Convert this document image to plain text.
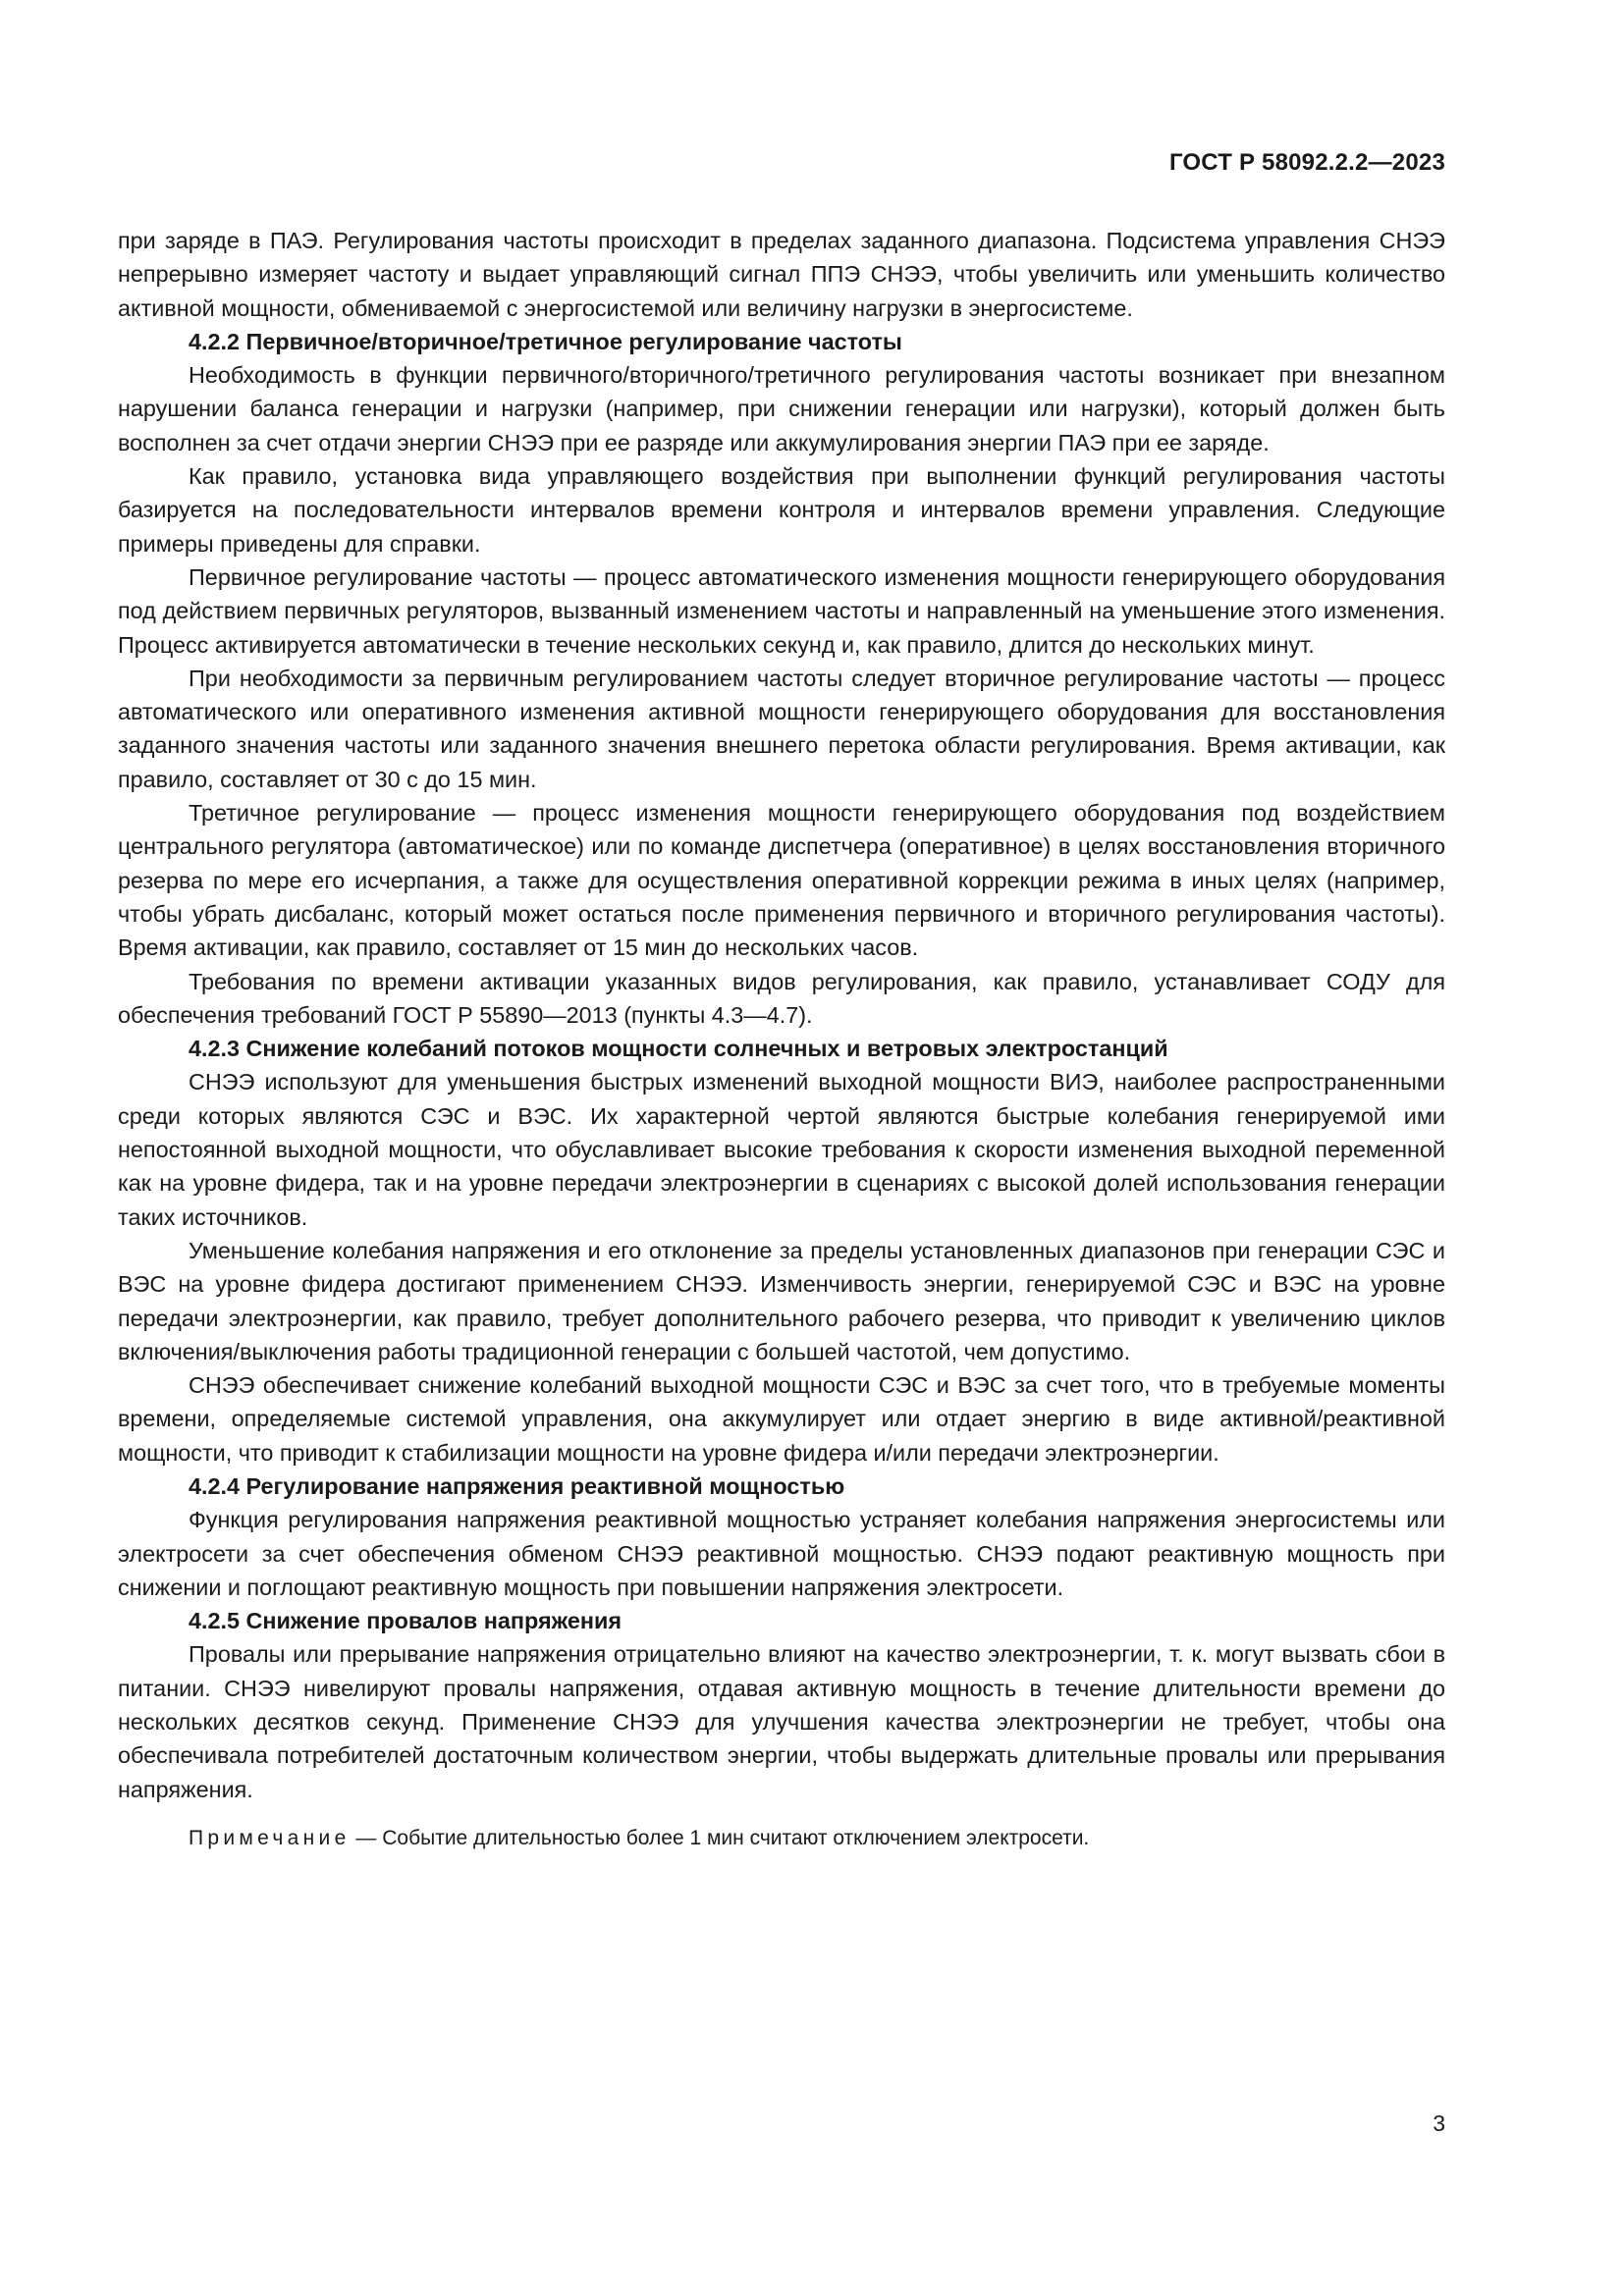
ГОСТ Р 58092.2.2—2023

при заряде в ПАЭ. Регулирования частоты происходит в пределах заданного диапазона. Подсистема управления СНЭЭ непрерывно измеряет частоту и выдает управляющий сигнал ППЭ СНЭЭ, чтобы увеличить или уменьшить количество активной мощности, обмениваемой с энергосистемой или величину нагрузки в энергосистеме.

4.2.2 Первичное/вторичное/третичное регулирование частоты

Необходимость в функции первичного/вторичного/третичного регулирования частоты возникает при внезапном нарушении баланса генерации и нагрузки (например, при снижении генерации или нагрузки), который должен быть восполнен за счет отдачи энергии СНЭЭ при ее разряде или аккумулирования энергии ПАЭ при ее заряде.

Как правило, установка вида управляющего воздействия при выполнении функций регулирования частоты базируется на последовательности интервалов времени контроля и интервалов времени управления. Следующие примеры приведены для справки.

Первичное регулирование частоты — процесс автоматического изменения мощности генерирующего оборудования под действием первичных регуляторов, вызванный изменением частоты и направленный на уменьшение этого изменения. Процесс активируется автоматически в течение нескольких секунд и, как правило, длится до нескольких минут.

При необходимости за первичным регулированием частоты следует вторичное регулирование частоты — процесс автоматического или оперативного изменения активной мощности генерирующего оборудования для восстановления заданного значения частоты или заданного значения внешнего перетока области регулирования. Время активации, как правило, составляет от 30 с до 15 мин.

Третичное регулирование — процесс изменения мощности генерирующего оборудования под воздействием центрального регулятора (автоматическое) или по команде диспетчера (оперативное) в целях восстановления вторичного резерва по мере его исчерпания, а также для осуществления оперативной коррекции режима в иных целях (например, чтобы убрать дисбаланс, который может остаться после применения первичного и вторичного регулирования частоты). Время активации, как правило, составляет от 15 мин до нескольких часов.

Требования по времени активации указанных видов регулирования, как правило, устанавливает СОДУ для обеспечения требований ГОСТ Р 55890—2013 (пункты 4.3—4.7).

4.2.3 Снижение колебаний потоков мощности солнечных и ветровых электростанций

СНЭЭ используют для уменьшения быстрых изменений выходной мощности ВИЭ, наиболее распространенными среди которых являются СЭС и ВЭС. Их характерной чертой являются быстрые колебания генерируемой ими непостоянной выходной мощности, что обуславливает высокие требования к скорости изменения выходной переменной как на уровне фидера, так и на уровне передачи электроэнергии в сценариях с высокой долей использования генерации таких источников.

Уменьшение колебания напряжения и его отклонение за пределы установленных диапазонов при генерации СЭС и ВЭС на уровне фидера достигают применением СНЭЭ. Изменчивость энергии, генерируемой СЭС и ВЭС на уровне передачи электроэнергии, как правило, требует дополнительного рабочего резерва, что приводит к увеличению циклов включения/выключения работы традиционной генерации с большей частотой, чем допустимо.

СНЭЭ обеспечивает снижение колебаний выходной мощности СЭС и ВЭС за счет того, что в требуемые моменты времени, определяемые системой управления, она аккумулирует или отдает энергию в виде активной/реактивной мощности, что приводит к стабилизации мощности на уровне фидера и/или передачи электроэнергии.

4.2.4 Регулирование напряжения реактивной мощностью

Функция регулирования напряжения реактивной мощностью устраняет колебания напряжения энергосистемы или электросети за счет обеспечения обменом СНЭЭ реактивной мощностью. СНЭЭ подают реактивную мощность при снижении и поглощают реактивную мощность при повышении напряжения электросети.

4.2.5 Снижение провалов напряжения

Провалы или прерывание напряжения отрицательно влияют на качество электроэнергии, т. к. могут вызвать сбои в питании. СНЭЭ нивелируют провалы напряжения, отдавая активную мощность в течение длительности времени до нескольких десятков секунд. Применение СНЭЭ для улучшения качества электроэнергии не требует, чтобы она обеспечивала потребителей достаточным количеством энергии, чтобы выдержать длительные провалы или прерывания напряжения.

Примечание — Событие длительностью более 1 мин считают отключением электросети.

3
